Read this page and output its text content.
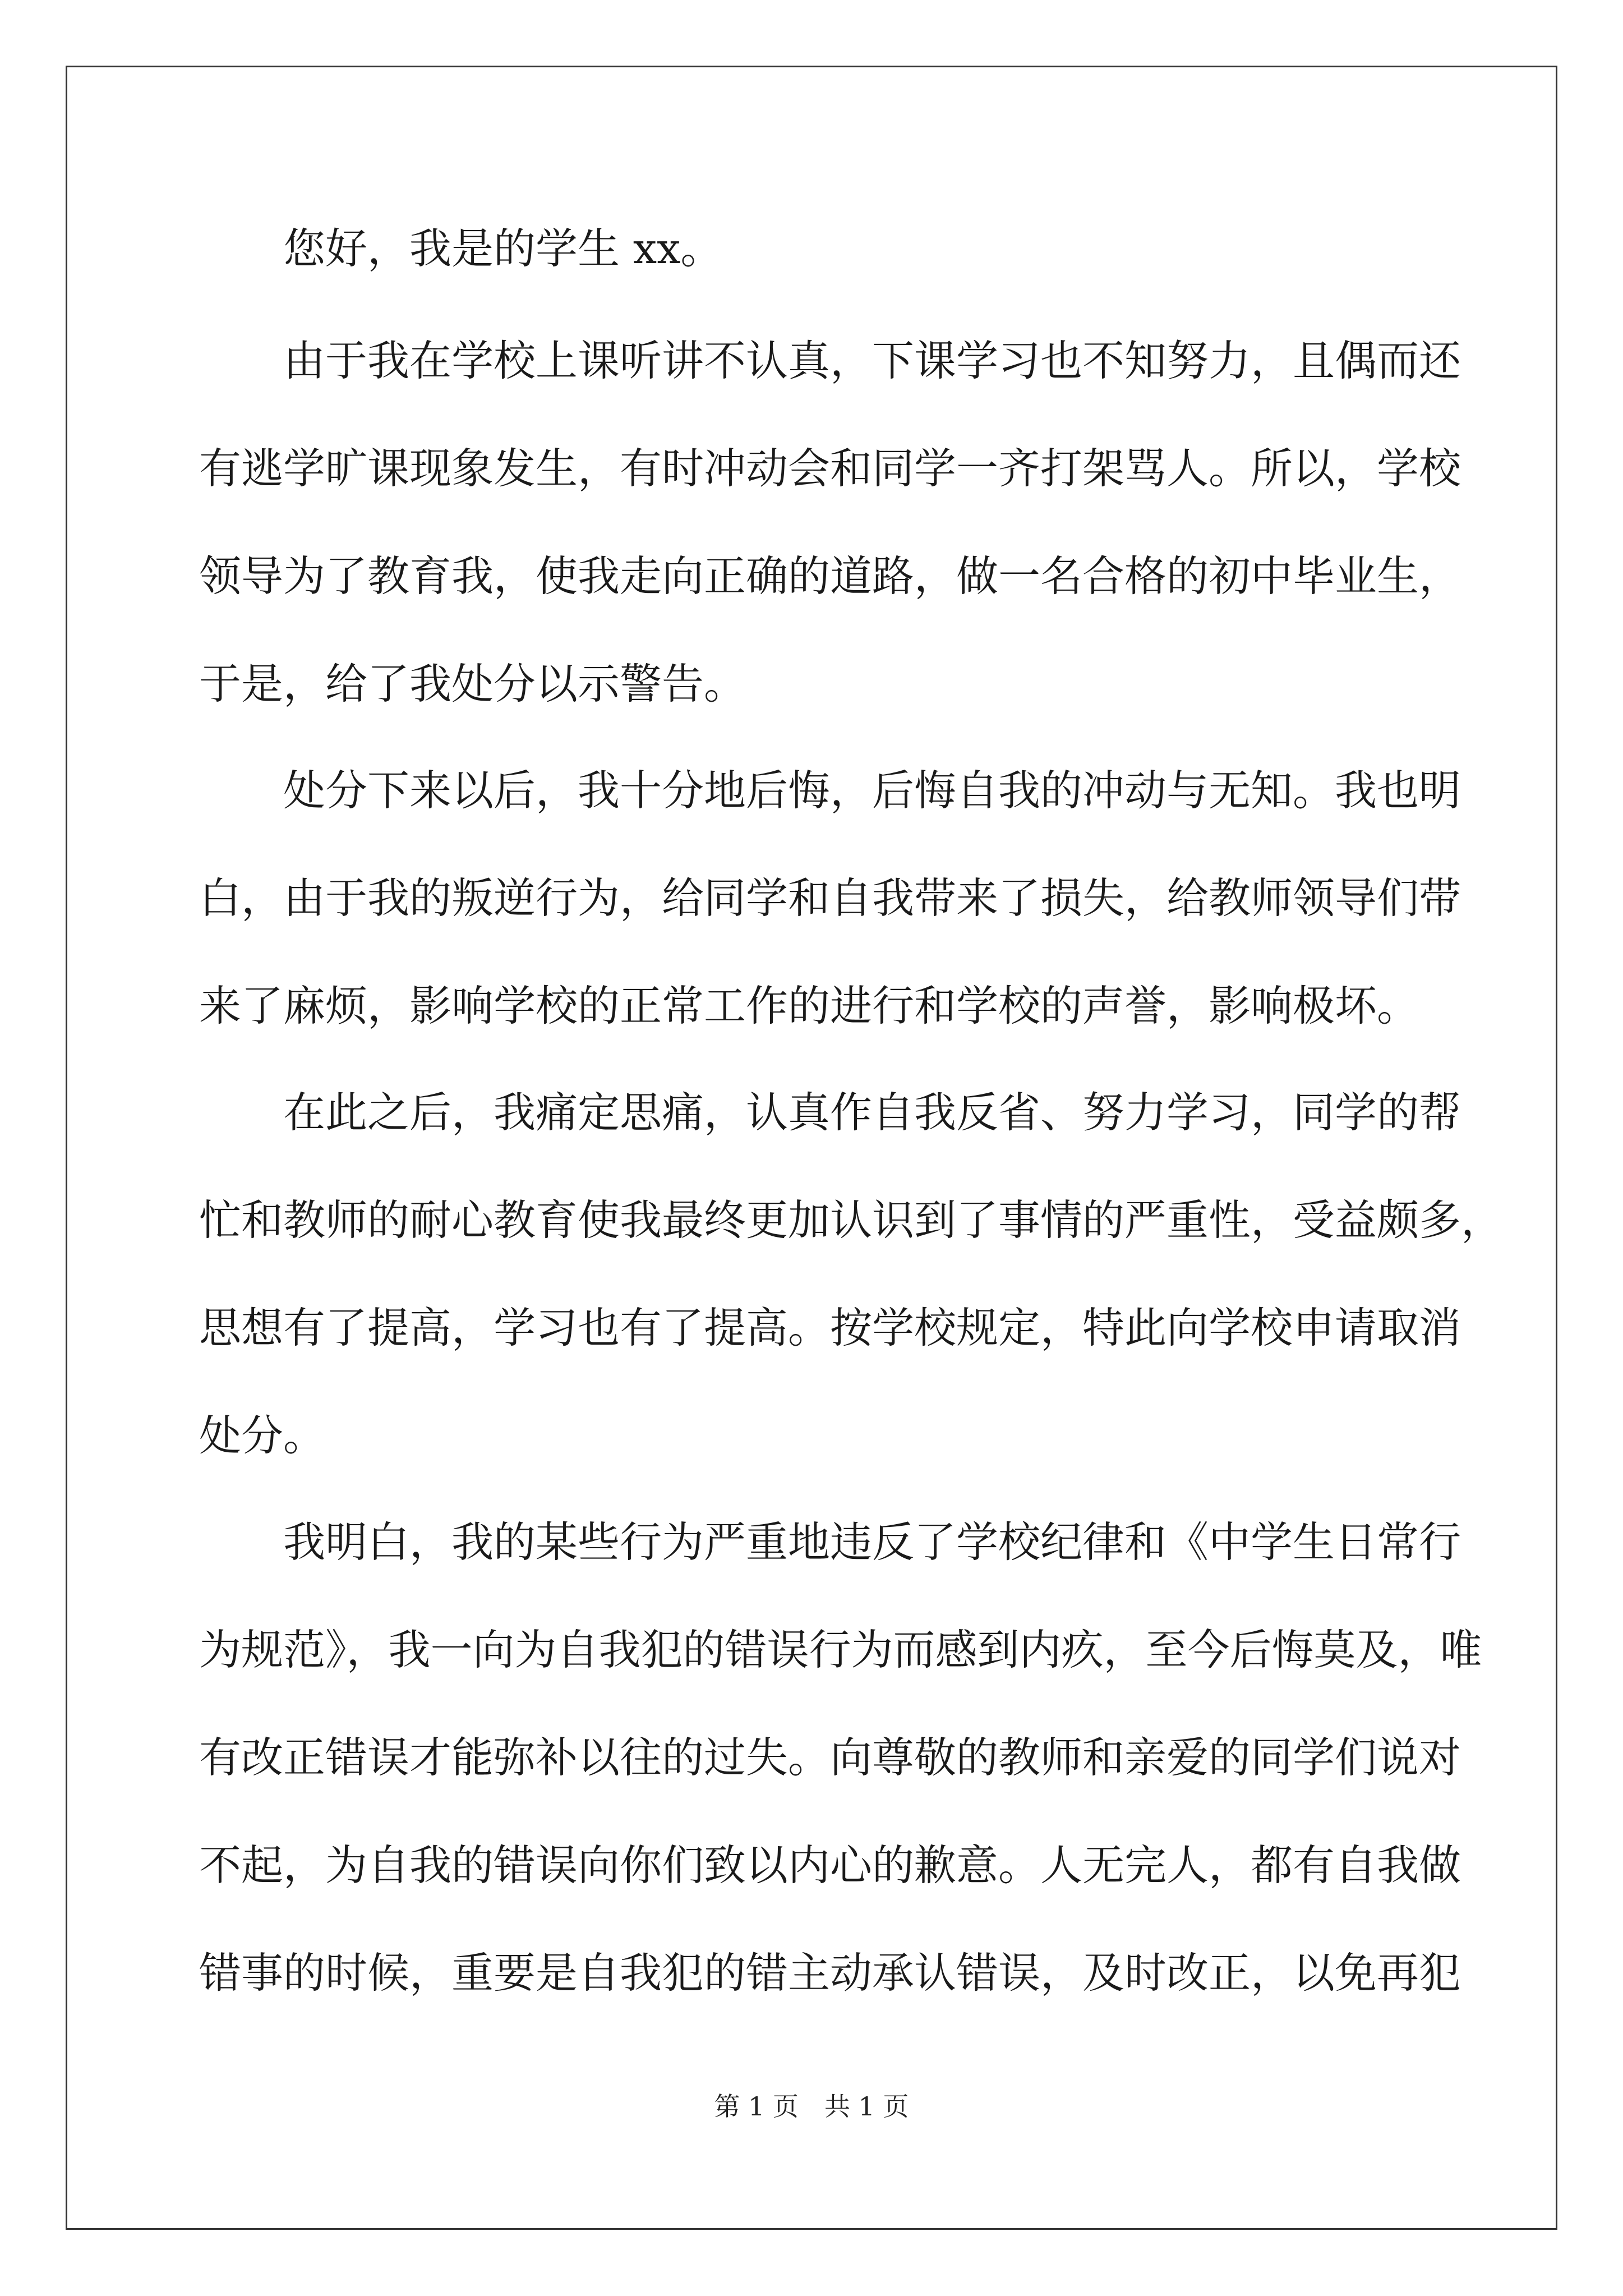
您好，我是的学生 xx。
由于我在学校上课听讲不认真，下课学习也不知努力，且偶而还
有逃学旷课现象发生，有时冲动会和同学一齐打架骂人。所以，学校
领导为了教育我，使我走向正确的道路，做一名合格的初中毕业生，
于是，给了我处分以示警告。
处分下来以后，我十分地后悔，后悔自我的冲动与无知。我也明
白，由于我的叛逆行为，给同学和自我带来了损失，给教师领导们带
来了麻烦，影响学校的正常工作的进行和学校的声誉，影响极坏。
在此之后，我痛定思痛，认真作自我反省、努力学习，同学的帮
忙和教师的耐心教育使我最终更加认识到了事情的严重性，受益颇多，
思想有了提高，学习也有了提高。按学校规定，特此向学校申请取消
处分。
我明白，我的某些行为严重地违反了学校纪律和《中学生日常行
为规范》，我一向为自我犯的错误行为而感到内疚，至今后悔莫及，唯
有改正错误才能弥补以往的过失。向尊敬的教师和亲爱的同学们说对
不起，为自我的错误向你们致以内心的歉意。人无完人，都有自我做
错事的时候，重要是自我犯的错主动承认错误，及时改正，以免再犯
第 1 页　共 1 页
